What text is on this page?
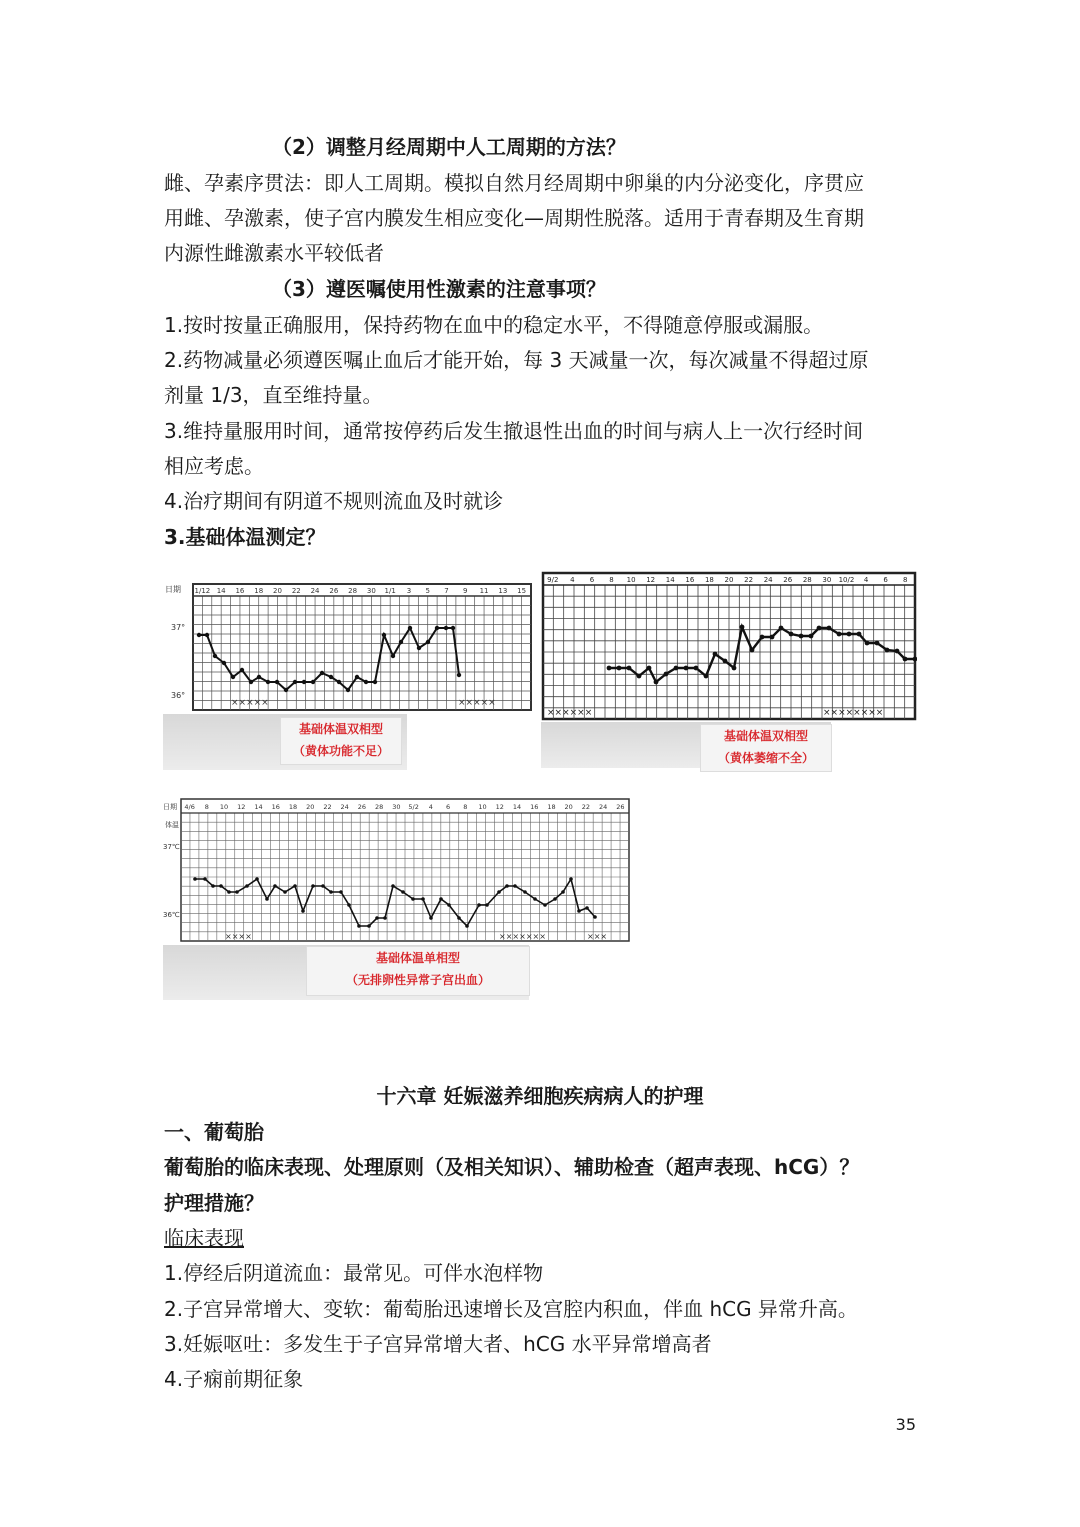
（2）调整月经周期中人工周期的方法？
雌、孕素序贯法：即人工周期。模拟自然月经周期中卵巢的内分泌变化，序贯应
用雌、孕激素，使子宫内膜发生相应变化—周期性脱落。适用于青春期及生育期
内源性雌激素水平较低者
（3）遵医嘱使用性激素的注意事项？
1.按时按量正确服用，保持药物在血中的稳定水平，不得随意停服或漏服。
2.药物减量必须遵医嘱止血后才能开始，每 3 天减量一次，每次减量不得超过原
剂量 1/3，直至维持量。
3.维持量服用时间，通常按停药后发生撤退性出血的时间与病人上一次行经时间
相应考虑。
4.治疗期间有阴道不规则流血及时就诊
3.基础体温测定？
日期
37°
36°
1/12 14 16 18 20 22 24 26 28 30 1/1 3 5 7 9 11 13 15
×××××	×××××
基础体温双相型
（黄体功能不足）
9/2 4 6 8 10 12 14 16 18 20 22 24 26 28 30 10/2 4 6 8
××××××	××××××××
基础体温双相型
（黄体萎缩不全）
日期
体温
37℃
36℃
4/6 8 10 12 14 16 18 20 22 24 26 28 30 5/2 4 6 8 10 12 14 16 18 20 22 24 26
××××	×××××××	×××
基础体温单相型
（无排卵性异常子宫出血）
十六章 妊娠滋养细胞疾病病人的护理
一、葡萄胎
葡萄胎的临床表现、处理原则（及相关知识）、辅助检查（超声表现、hCG）？
护理措施？
临床表现
1.停经后阴道流血：最常见。可伴水泡样物
2.子宫异常增大、变软：葡萄胎迅速增长及宫腔内积血，伴血 hCG 异常升高。
3.妊娠呕吐：多发生于子宫异常增大者、hCG 水平异常增高者
4.子痫前期征象
35
